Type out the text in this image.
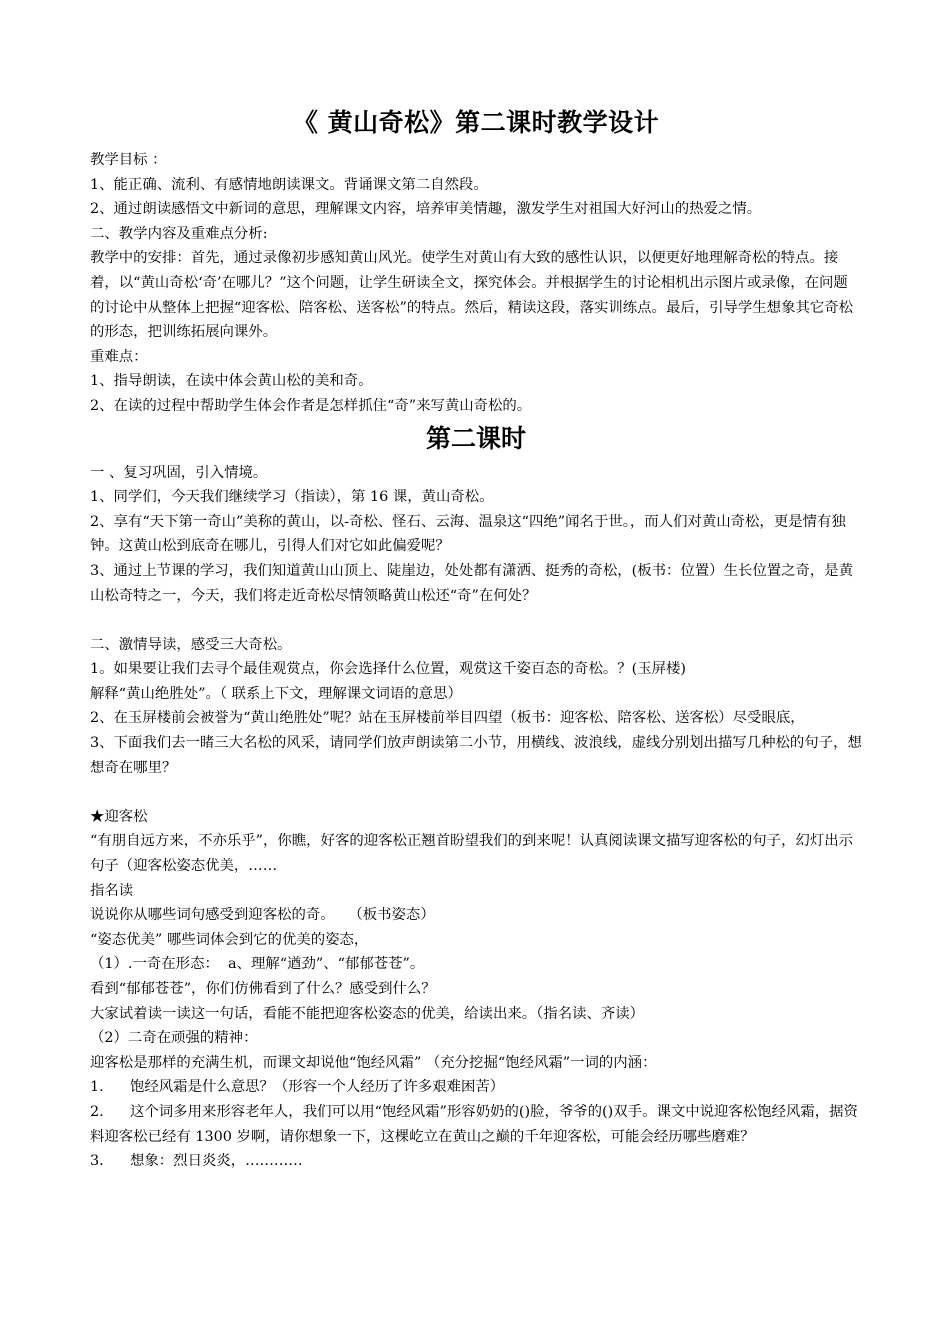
《 黄山奇松》第二课时教学设计

教学目标 ：

1、能正确、流利、有感情地朗读课文。背诵课文第二自然段。

2、通过朗读感悟文中新词的意思，理解课文内容，培养审美情趣，激发学生对祖国大好河山的热爱之情。

二、教学内容及重难点分析:

教学中的安排：首先，通过录像初步感知黄山风光。使学生对黄山有大致的感性认识，以便更好地理解奇松的特点。接着，以“黄山奇松‘奇’在哪儿？”这个问题，让学生研读全文，探究体会。并根据学生的讨论相机出示图片或录像，在问题的讨论中从整体上把握“迎客松、陪客松、送客松”的特点。然后，精读这段，落实训练点。最后，引导学生想象其它奇松的形态，把训练拓展向课外。

重难点：

1、指导朗读，在读中体会黄山松的美和奇。

2、在读的过程中帮助学生体会作者是怎样抓住“奇”来写黄山奇松的。

第二课时

一 、复习巩固，引入情境。

1、同学们，今天我们继续学习（指读），第 16 课，黄山奇松。

2、享有“天下第一奇山”美称的黄山，以-奇松、怪石、云海、温泉这“四绝”闻名于世。，而人们对黄山奇松，更是情有独钟。这黄山松到底奇在哪儿，引得人们对它如此偏爱呢？

3、通过上节课的学习，我们知道黄山山顶上、陡崖边，处处都有潇洒、挺秀的奇松，(板书：位置）生长位置之奇，是黄山松奇特之一，今天，我们将走近奇松尽情领略黄山松还“奇”在何处？

二、激情导读，感受三大奇松。

1。如果要让我们去寻个最佳观赏点，你会选择什么位置，观赏这千姿百态的奇松。？(玉屏楼)

解释“黄山绝胜处”。（ 联系上下文，理解课文词语的意思）

2、在玉屏楼前会被誉为“黄山绝胜处”呢？站在玉屏楼前举目四望（板书：迎客松、陪客松、送客松）尽受眼底，

3、下面我们去一睹三大名松的风采，请同学们放声朗读第二小节，用横线、波浪线，虚线分别划出描写几种松的句子，想想奇在哪里？

★迎客松

“有朋自远方来，不亦乐乎”，你瞧，好客的迎客松正翘首盼望我们的到来呢！认真阅读课文描写迎客松的句子，幻灯出示句子（迎客松姿态优美，……

指名读

说说你从哪些词句感受到迎客松的奇。   （板书姿态）

“姿态优美” 哪些词体会到它的优美的姿态，

（1）.一奇在形态：  a、理解“遒劲”、“郁郁苍苍”。

看到“郁郁苍苍”，你们仿佛看到了什么？感受到什么？

大家试着读一读这一句话，看能不能把迎客松姿态的优美，给读出来。（指名读、齐读）

（2）二奇在顽强的精神：

迎客松是那样的充满生机，而课文却说他“饱经风霜” （充分挖掘“饱经风霜”一词的内涵：

1. 饱经风霜是什么意思？（形容一个人经历了许多艰难困苦）

2. 这个词多用来形容老年人，我们可以用“饱经风霜”形容奶奶的()脸，爷爷的()双手。课文中说迎客松饱经风霜，据资料迎客松已经有 1300 岁啊，请你想象一下，这棵屹立在黄山之巅的千年迎客松，可能会经历哪些磨难？

3. 想象：烈日炎炎，…………
